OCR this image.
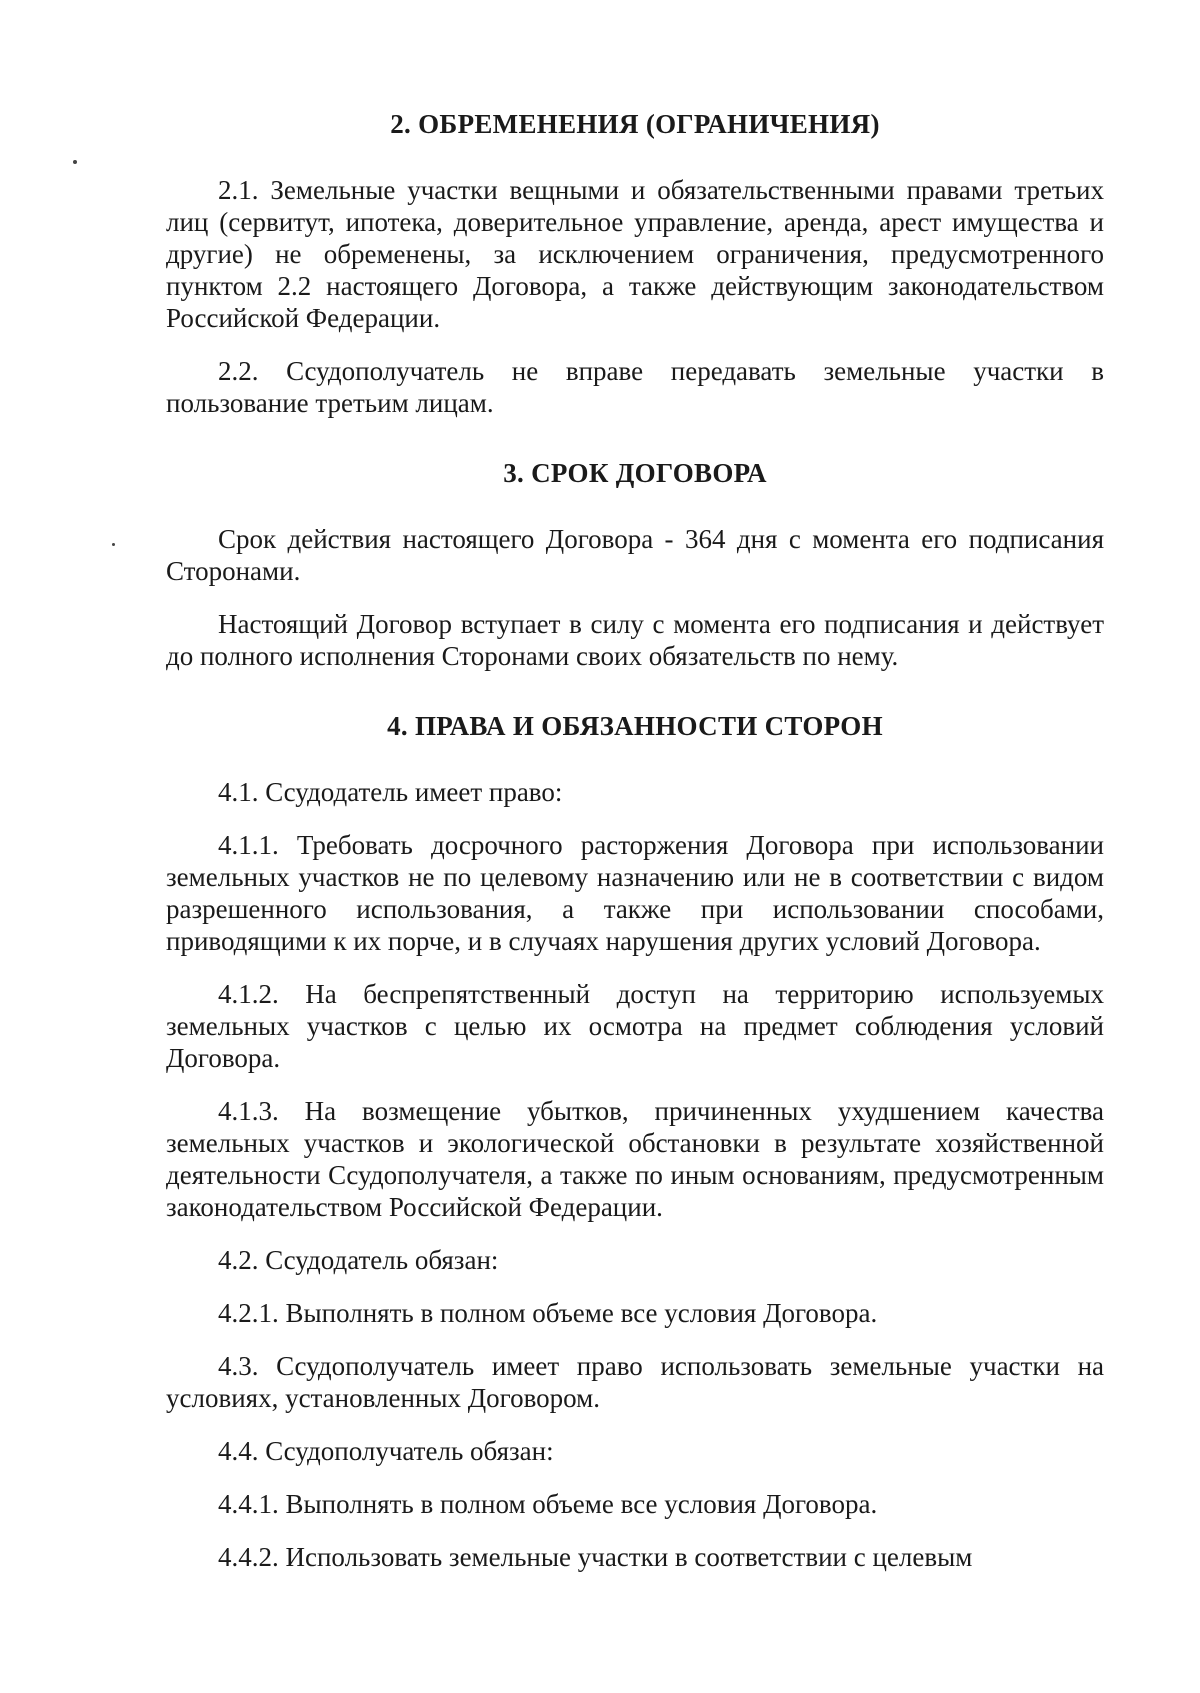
2. ОБРЕМЕНЕНИЯ (ОГРАНИЧЕНИЯ)

2.1. Земельные участки вещными и обязательственными правами третьих лиц (сервитут, ипотека, доверительное управление, аренда, арест имущества и другие) не обременены, за исключением ограничения, предусмотренного пунктом 2.2 настоящего Договора, а также действующим законодательством Российской Федерации.

2.2. Ссудополучатель не вправе передавать земельные участки в пользование третьим лицам.

3. СРОК ДОГОВОРА

Срок действия настоящего Договора - 364 дня с момента его подписания Сторонами.

Настоящий Договор вступает в силу с момента его подписания и действует до полного исполнения Сторонами своих обязательств по нему.

4. ПРАВА И ОБЯЗАННОСТИ СТОРОН

4.1. Ссудодатель имеет право:

4.1.1. Требовать досрочного расторжения Договора при использовании земельных участков не по целевому назначению или не в соответствии с видом разрешенного использования, а также при использовании способами, приводящими к их порче, и в случаях нарушения других условий Договора.

4.1.2. На беспрепятственный доступ на территорию используемых земельных участков с целью их осмотра на предмет соблюдения условий Договора.

4.1.3. На возмещение убытков, причиненных ухудшением качества земельных участков и экологической обстановки в результате хозяйственной деятельности Ссудополучателя, а также по иным основаниям, предусмотренным законодательством Российской Федерации.

4.2. Ссудодатель обязан:

4.2.1. Выполнять в полном объеме все условия Договора.

4.3. Ссудополучатель имеет право использовать земельные участки на условиях, установленных Договором.

4.4. Ссудополучатель обязан:

4.4.1. Выполнять в полном объеме все условия Договора.

4.4.2. Использовать земельные участки в соответствии с целевым
